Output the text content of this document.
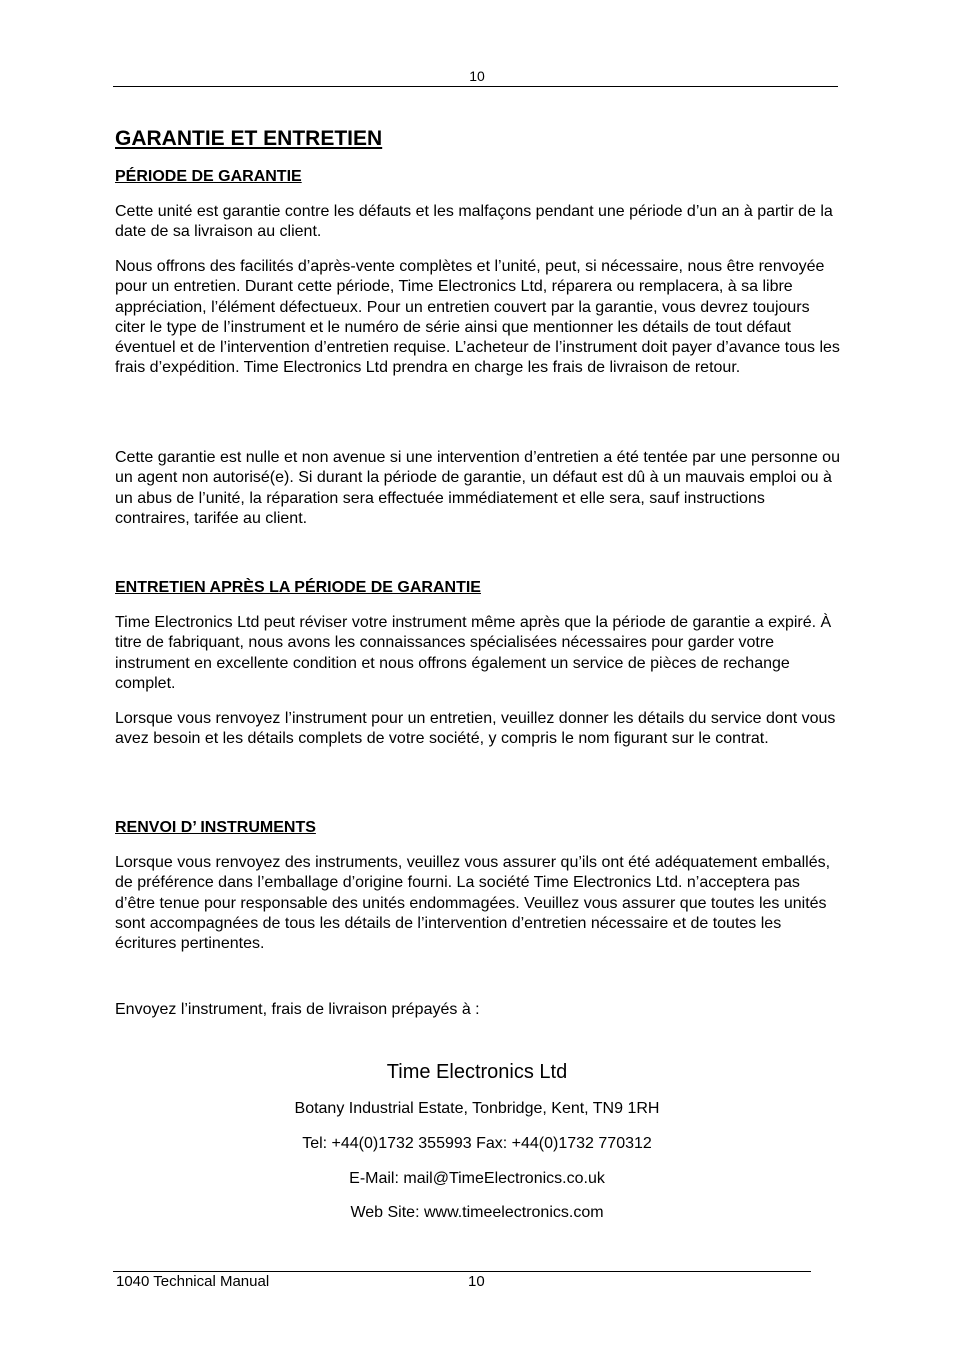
10
GARANTIE ET ENTRETIEN
PÉRIODE DE GARANTIE

Cette unité est garantie contre les défauts et les malfaçons pendant une période d’un an à partir de la date de sa livraison au client.

Nous offrons des facilités d’après-vente complètes et l’unité, peut, si nécessaire, nous être renvoyée pour un entretien. Durant cette période, Time Electronics Ltd, réparera ou remplacera, à sa libre appréciation, l’élément défectueux. Pour un entretien couvert par la garantie, vous devrez toujours citer le type de l’instrument et le numéro de série ainsi que mentionner les détails de tout défaut éventuel et de l’intervention d’entretien requise. L’acheteur de l’instrument doit payer d’avance tous les frais d’expédition. Time Electronics Ltd prendra en charge les frais de livraison de retour.

Cette garantie est nulle et non avenue si une intervention d’entretien a été tentée par une personne ou un agent non autorisé(e). Si durant la période de garantie, un défaut est dû à un mauvais emploi ou à un abus de l’unité, la réparation sera effectuée immédiatement et elle sera, sauf instructions contraires, tarifée au client.

ENTRETIEN APRÈS LA PÉRIODE DE GARANTIE

Time Electronics Ltd peut réviser votre instrument même après que la période de garantie a expiré. À titre de fabriquant, nous avons les connaissances spécialisées nécessaires pour garder votre instrument en excellente condition et nous offrons également un service de pièces de rechange complet.

Lorsque vous renvoyez l’instrument pour un entretien, veuillez donner les détails du service dont vous avez besoin et les détails complets de votre société, y compris le nom figurant sur le contrat.

RENVOI D’ INSTRUMENTS

Lorsque vous renvoyez des instruments, veuillez vous assurer qu’ils ont été adéquatement emballés, de préférence dans l’emballage d’origine fourni. La société Time Electronics Ltd. n’acceptera pas d’être tenue pour responsable des unités endommagées. Veuillez vous assurer que toutes les unités sont accompagnées de tous les détails de l’intervention d’entretien nécessaire et de toutes les écritures pertinentes.

Envoyez l’instrument, frais de livraison prépayés à :

Time Electronics Ltd

Botany Industrial Estate, Tonbridge, Kent, TN9 1RH

Tel: +44(0)1732 355993 Fax: +44(0)1732 770312

E-Mail: mail@TimeElectronics.co.uk

Web Site: www.timeelectronics.com

1040 Technical Manual	10
